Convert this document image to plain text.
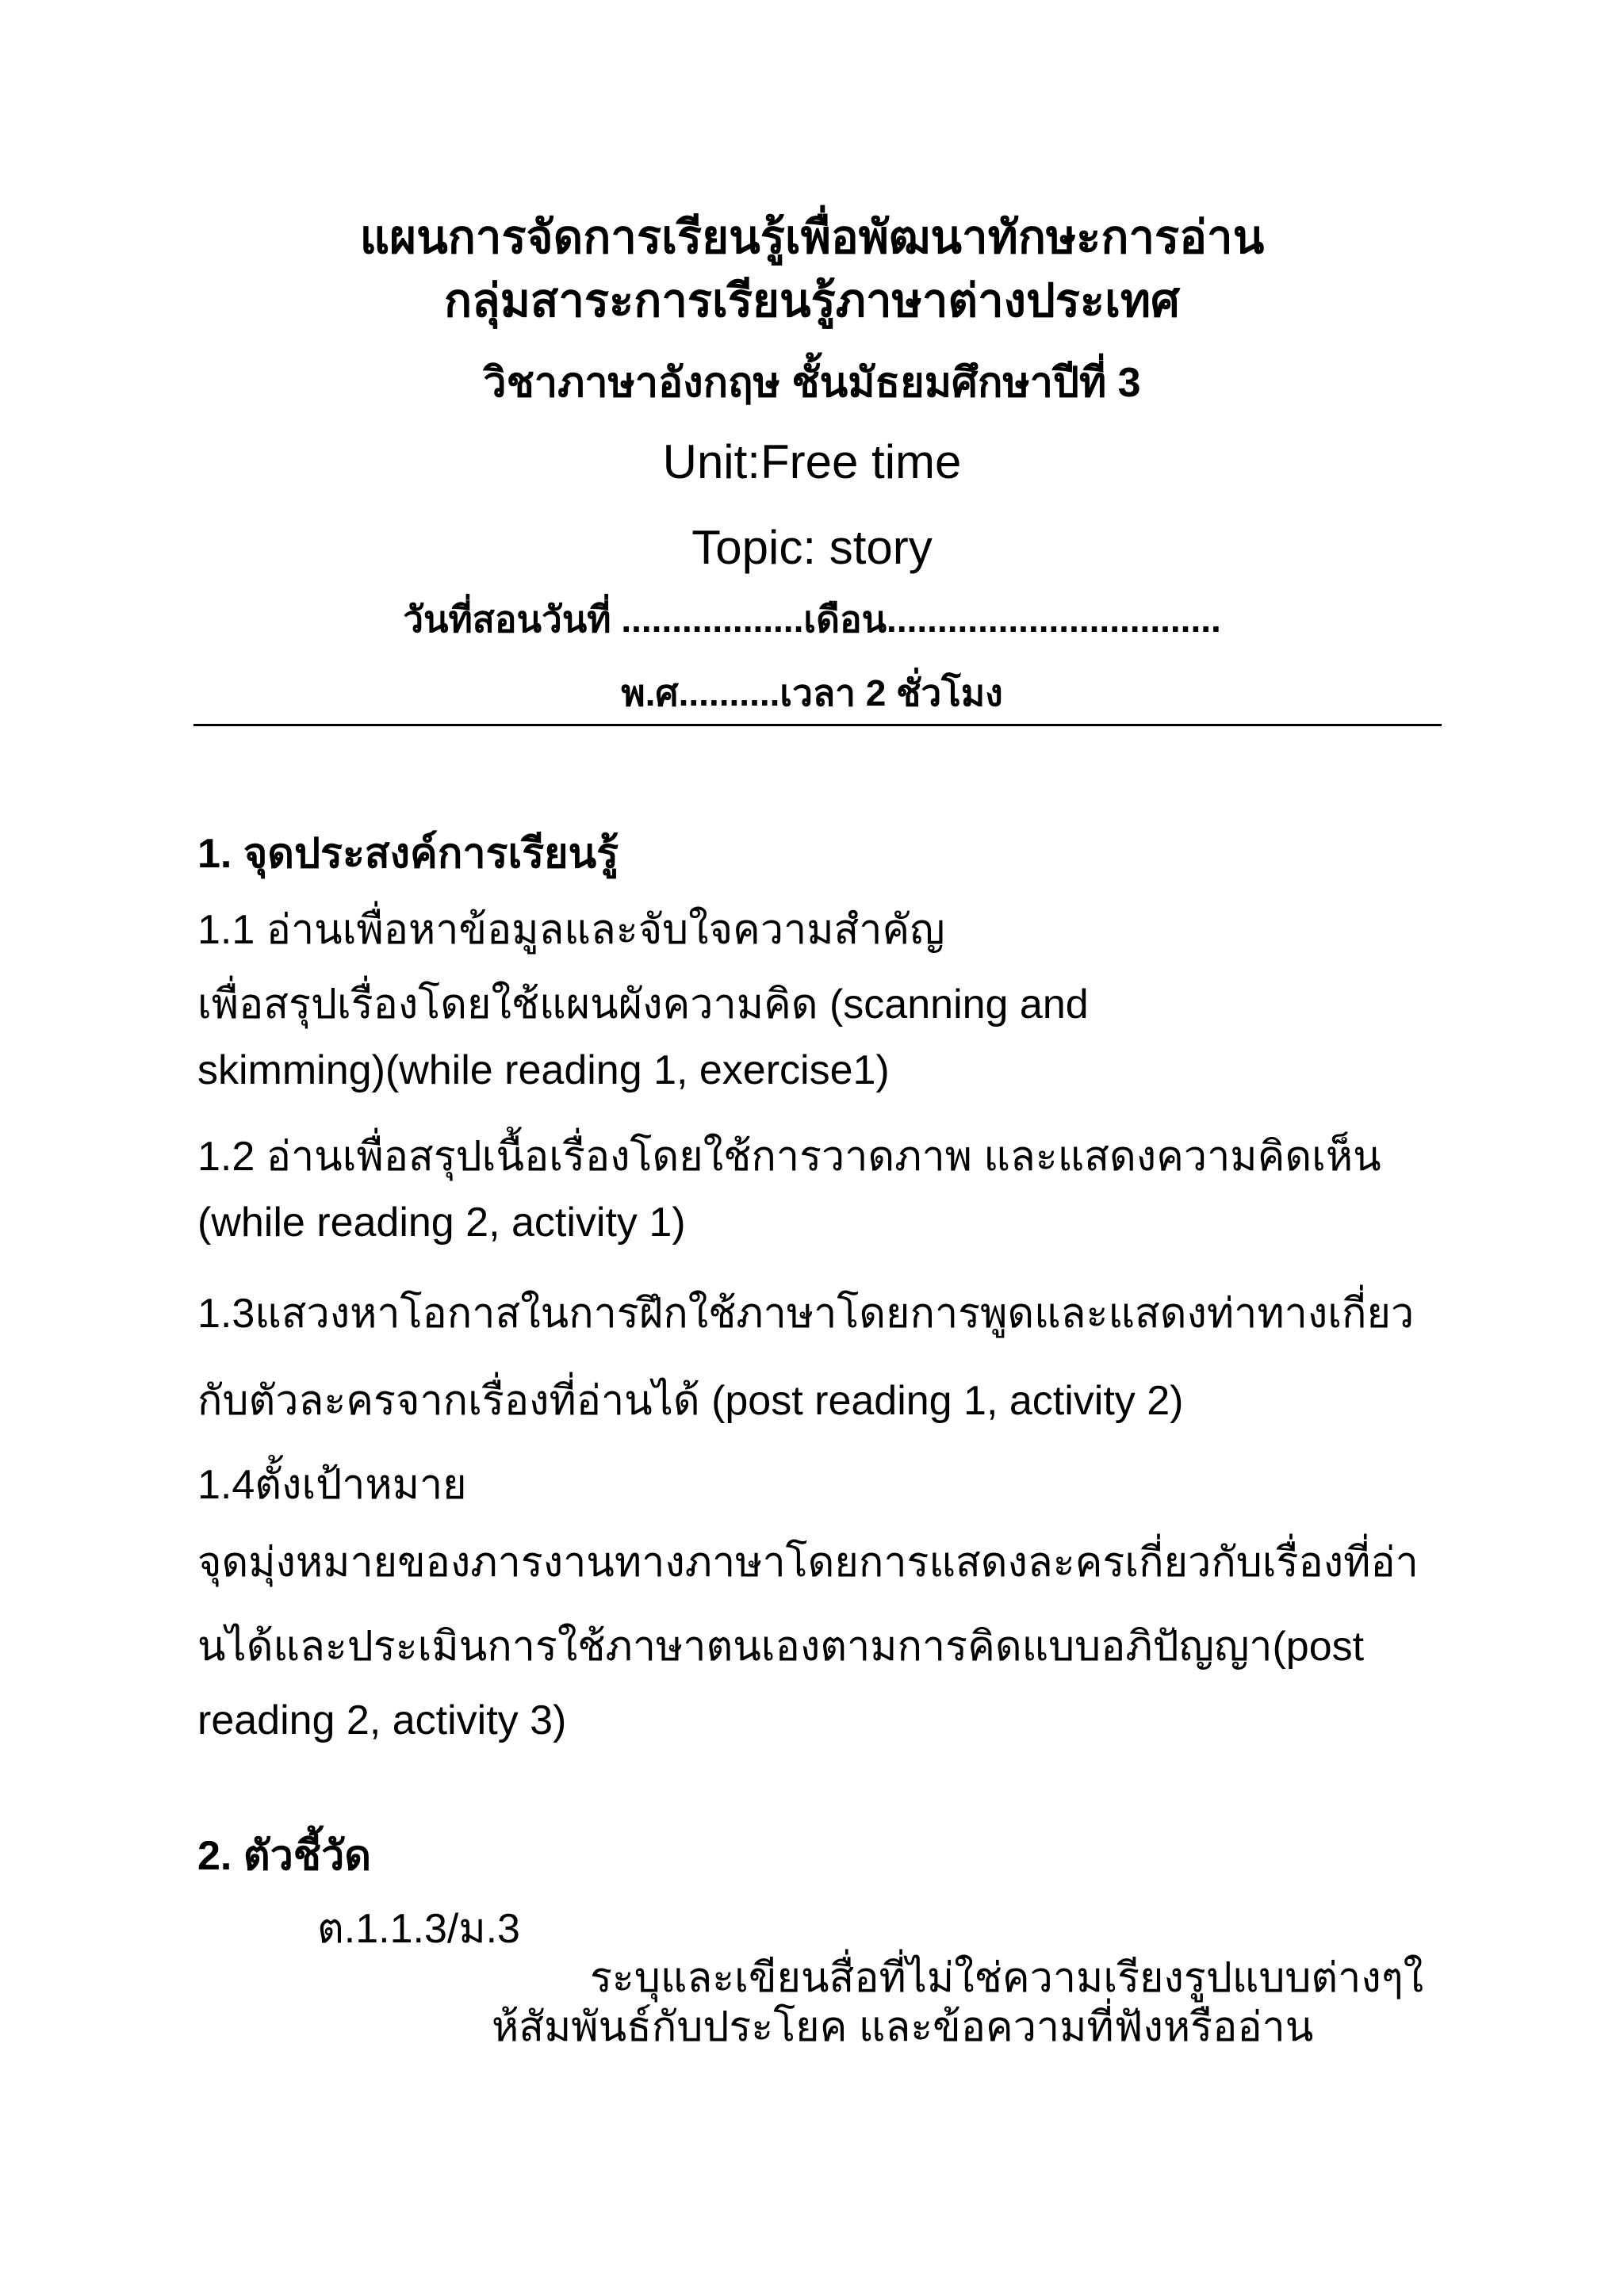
แผนการจัดการเรียนรู้เพื่อพัฒนาทักษะการอ่าน
กลุ่มสาระการเรียนรู้ภาษาต่างประเทศ
วิชาภาษาอังกฤษ ชั้นมัธยมศึกษาปีที่ 3
Unit:Free time
Topic: story
วันที่สอนวันที่ ..................เดือน.................................
พ.ศ..........เวลา 2 ชั่วโมง
1. จุดประสงค์การเรียนรู้
1.1 อ่านเพื่อหาข้อมูลและจับใจความสำคัญ
เพื่อสรุปเรื่องโดยใช้แผนผังความคิด (scanning and
skimming)(while reading 1, exercise1)
1.2 อ่านเพื่อสรุปเนื้อเรื่องโดยใช้การวาดภาพ และแสดงความคิดเห็น
(while reading 2, activity 1)
1.3แสวงหาโอกาสในการฝึกใช้ภาษาโดยการพูดและแสดงท่าทางเกี่ยว
กับตัวละครจากเรื่องที่อ่านได้ (post reading 1, activity 2)
1.4ตั้งเป้าหมาย
จุดมุ่งหมายของภารงานทางภาษาโดยการแสดงละครเกี่ยวกับเรื่องที่อ่า
นได้และประเมินการใช้ภาษาตนเองตามการคิดแบบอภิปัญญา(post
reading 2, activity 3)
2. ตัวชี้วัด
ต.1.1.3/ม.3
ระบุและเขียนสื่อที่ไม่ใช่ความเรียงรูปแบบต่างๆใ
ห้สัมพันธ์กับประโยค และข้อความที่ฟังหรืออ่าน
